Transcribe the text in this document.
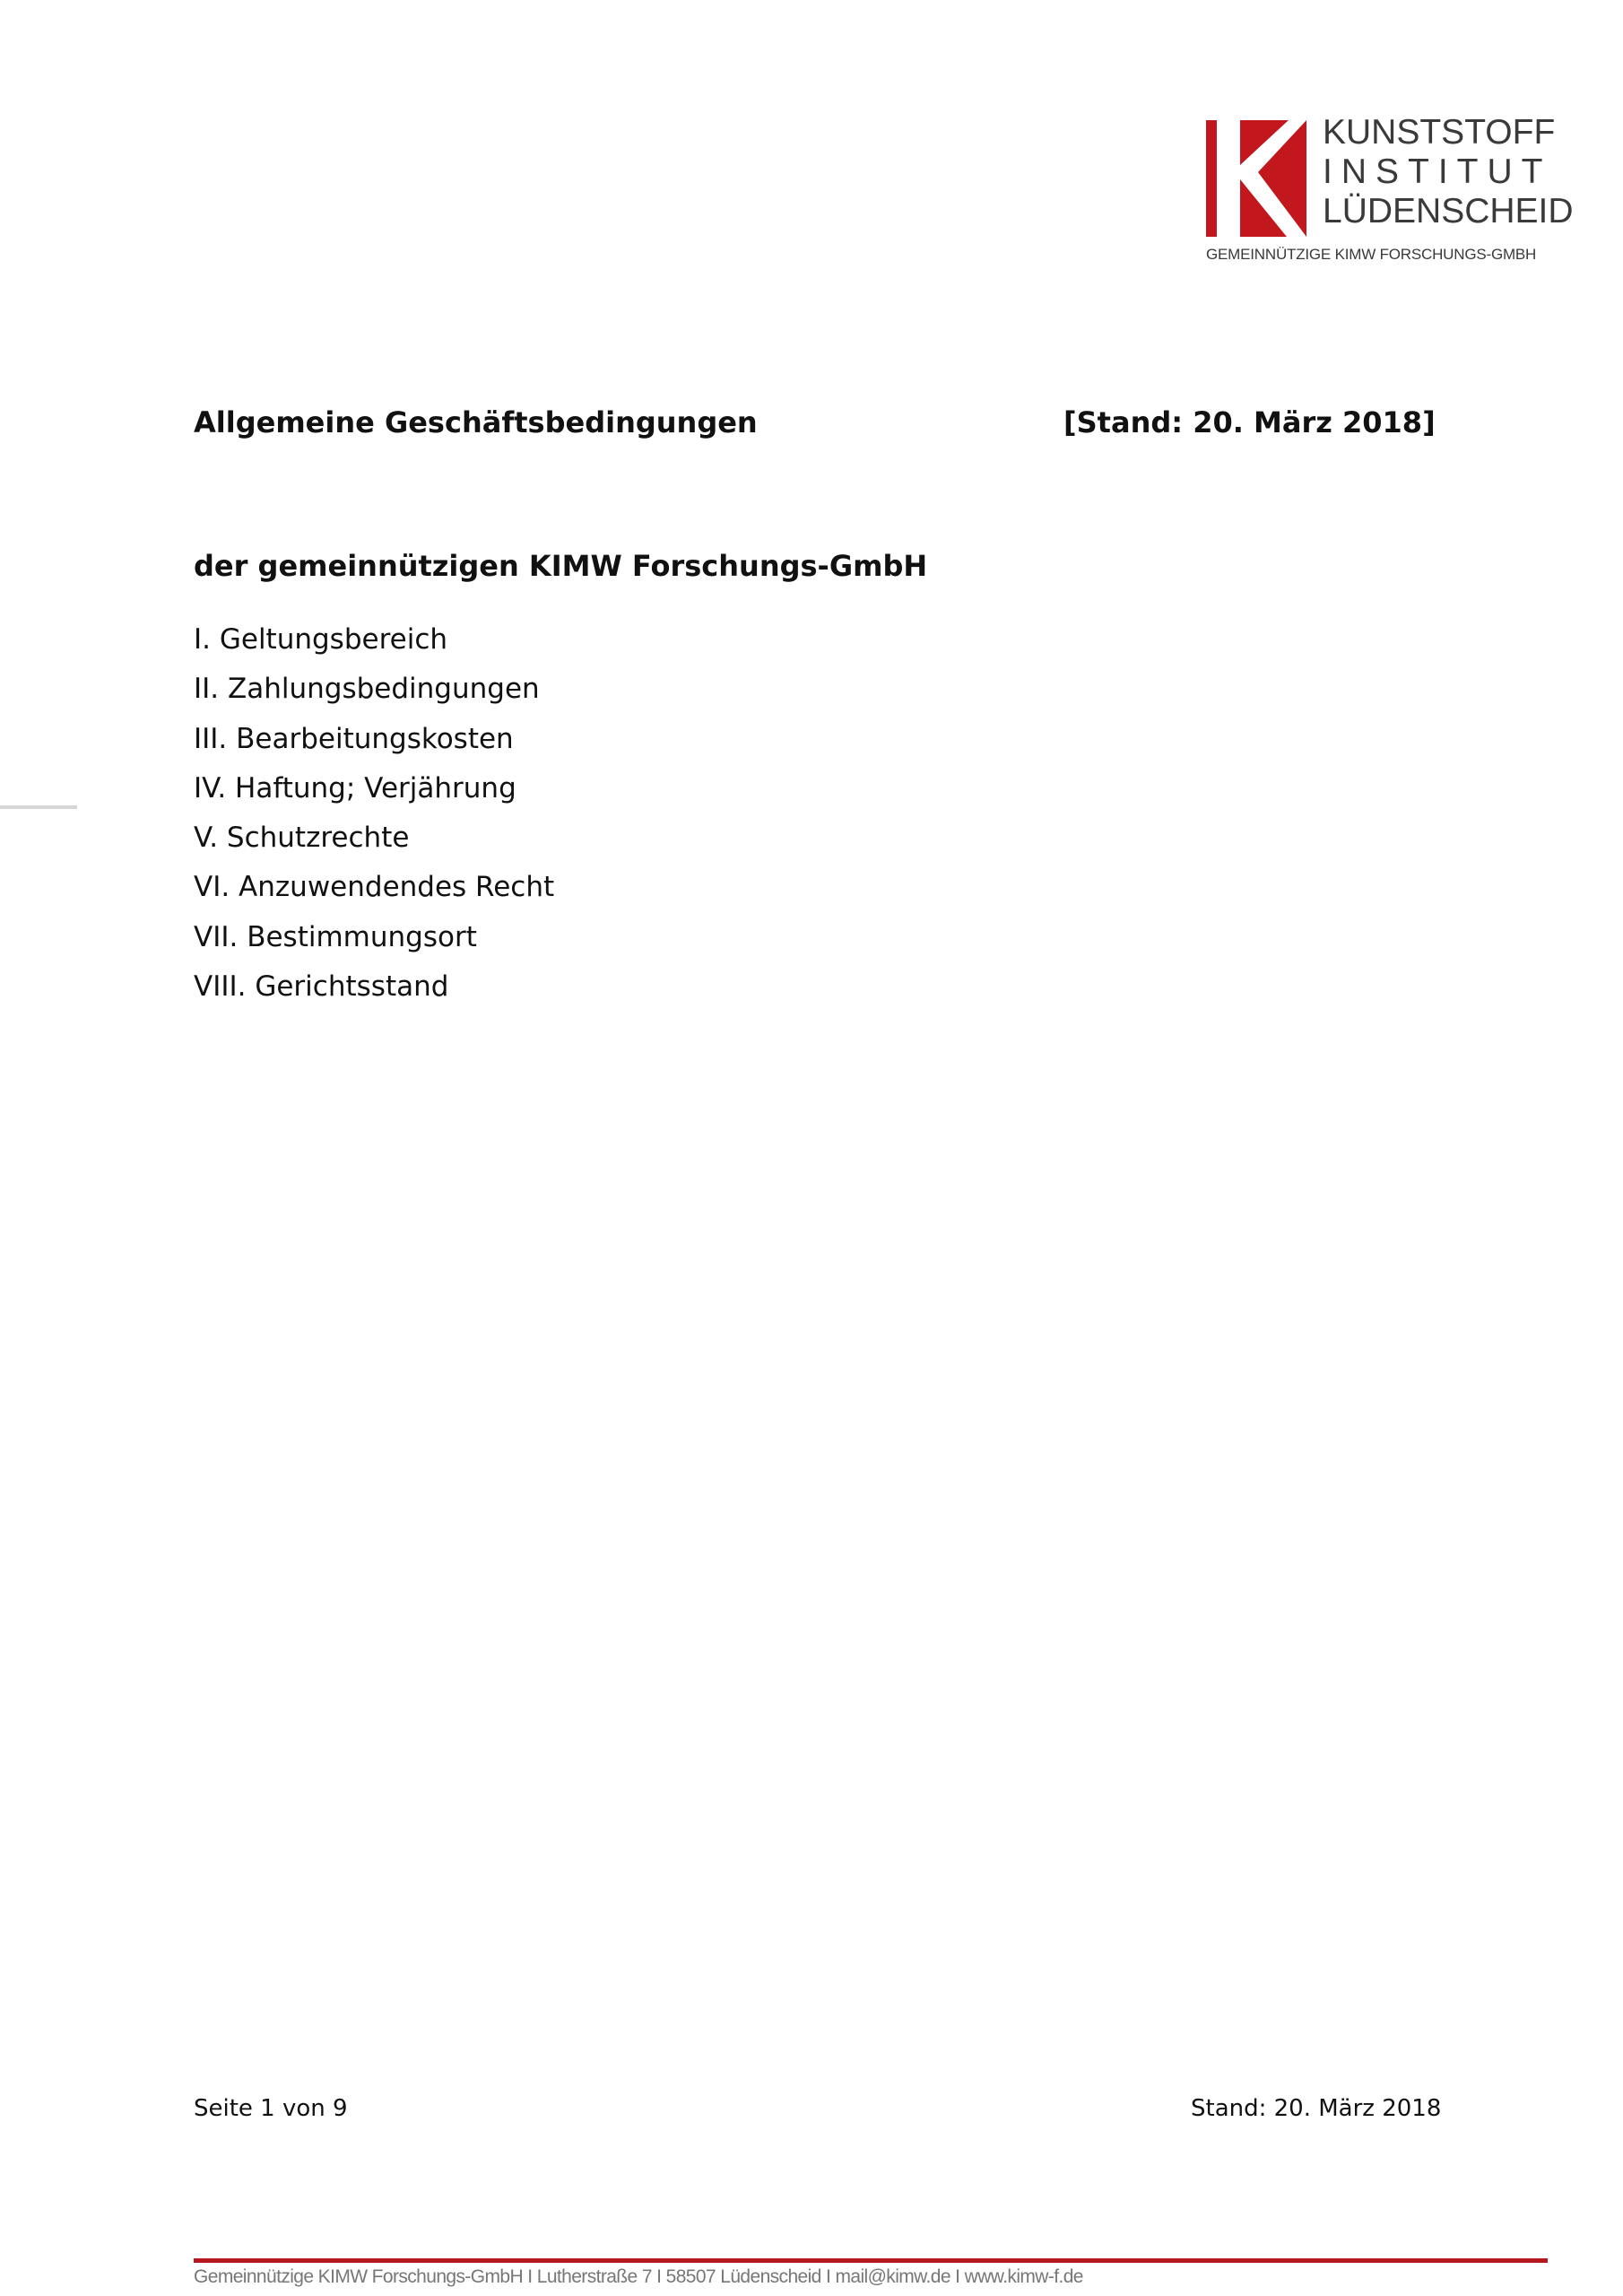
KUNSTSTOFF
INSTITUT
LÜDENSCHEID
GEMEINNÜTZIGE KIMW FORSCHUNGS-GMBH
Allgemeine Geschäftsbedingungen	[Stand: 20. März 2018]
der gemeinnützigen KIMW Forschungs-GmbH
I. Geltungsbereich
II. Zahlungsbedingungen
III. Bearbeitungskosten
IV. Haftung; Verjährung
V. Schutzrechte
VI. Anzuwendendes Recht
VII. Bestimmungsort
VIII. Gerichtsstand
Seite 1 von 9	Stand: 20. März 2018
Gemeinnützige KIMW Forschungs-GmbH I Lutherstraße 7 I 58507 Lüdenscheid I mail@kimw.de I www.kimw-f.de
